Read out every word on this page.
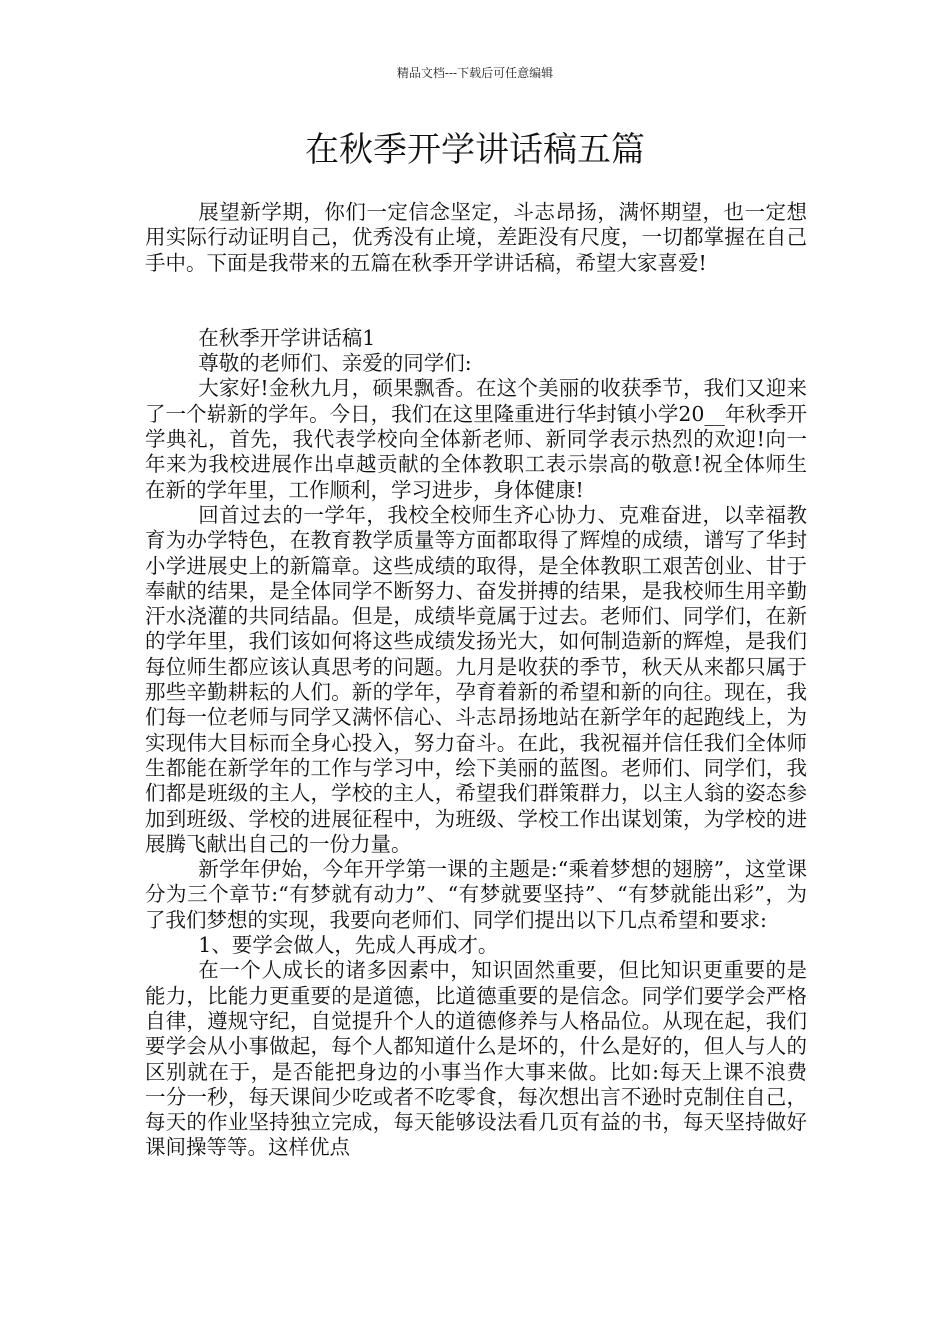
精品文档---下载后可任意编辑
在秋季开学讲话稿五篇

展望新学期，你们一定信念坚定，斗志昂扬，满怀期望，也一定想用实际行动证明自己，优秀没有止境，差距没有尺度，一切都掌握在自己手中。下面是我带来的五篇在秋季开学讲话稿，希望大家喜爱!

在秋季开学讲话稿1

尊敬的老师们、亲爱的同学们:

大家好!金秋九月，硕果飘香。在这个美丽的收获季节，我们又迎来了一个崭新的学年。今日，我们在这里隆重进行华封镇小学20__年秋季开学典礼，首先，我代表学校向全体新老师、新同学表示热烈的欢迎!向一年来为我校进展作出卓越贡献的全体教职工表示崇高的敬意!祝全体师生在新的学年里，工作顺利，学习进步，身体健康!

回首过去的一学年，我校全校师生齐心协力、克难奋进，以幸福教育为办学特色，在教育教学质量等方面都取得了辉煌的成绩，谱写了华封小学进展史上的新篇章。这些成绩的取得，是全体教职工艰苦创业、甘于奉献的结果，是全体同学不断努力、奋发拼搏的结果，是我校师生用辛勤汗水浇灌的共同结晶。但是，成绩毕竟属于过去。老师们、同学们，在新的学年里，我们该如何将这些成绩发扬光大，如何制造新的辉煌，是我们每位师生都应该认真思考的问题。九月是收获的季节，秋天从来都只属于那些辛勤耕耘的人们。新的学年，孕育着新的希望和新的向往。现在，我们每一位老师与同学又满怀信心、斗志昂扬地站在新学年的起跑线上，为实现伟大目标而全身心投入，努力奋斗。在此，我祝福并信任我们全体师生都能在新学年的工作与学习中，绘下美丽的蓝图。老师们、同学们，我们都是班级的主人，学校的主人，希望我们群策群力，以主人翁的姿态参加到班级、学校的进展征程中，为班级、学校工作出谋划策，为学校的进展腾飞献出自己的一份力量。

新学年伊始，今年开学第一课的主题是:“乘着梦想的翅膀”，这堂课分为三个章节:“有梦就有动力”、“有梦就要坚持”、“有梦就能出彩”，为了我们梦想的实现，我要向老师们、同学们提出以下几点希望和要求:

1、要学会做人，先成人再成才。

在一个人成长的诸多因素中，知识固然重要，但比知识更重要的是能力，比能力更重要的是道德，比道德重要的是信念。同学们要学会严格自律，遵规守纪，自觉提升个人的道德修养与人格品位。从现在起，我们要学会从小事做起，每个人都知道什么是坏的，什么是好的，但人与人的区别就在于，是否能把身边的小事当作大事来做。比如:每天上课不浪费一分一秒，每天课间少吃或者不吃零食，每次想出言不逊时克制住自己，每天的作业坚持独立完成，每天能够设法看几页有益的书，每天坚持做好课间操等等。这样优点
